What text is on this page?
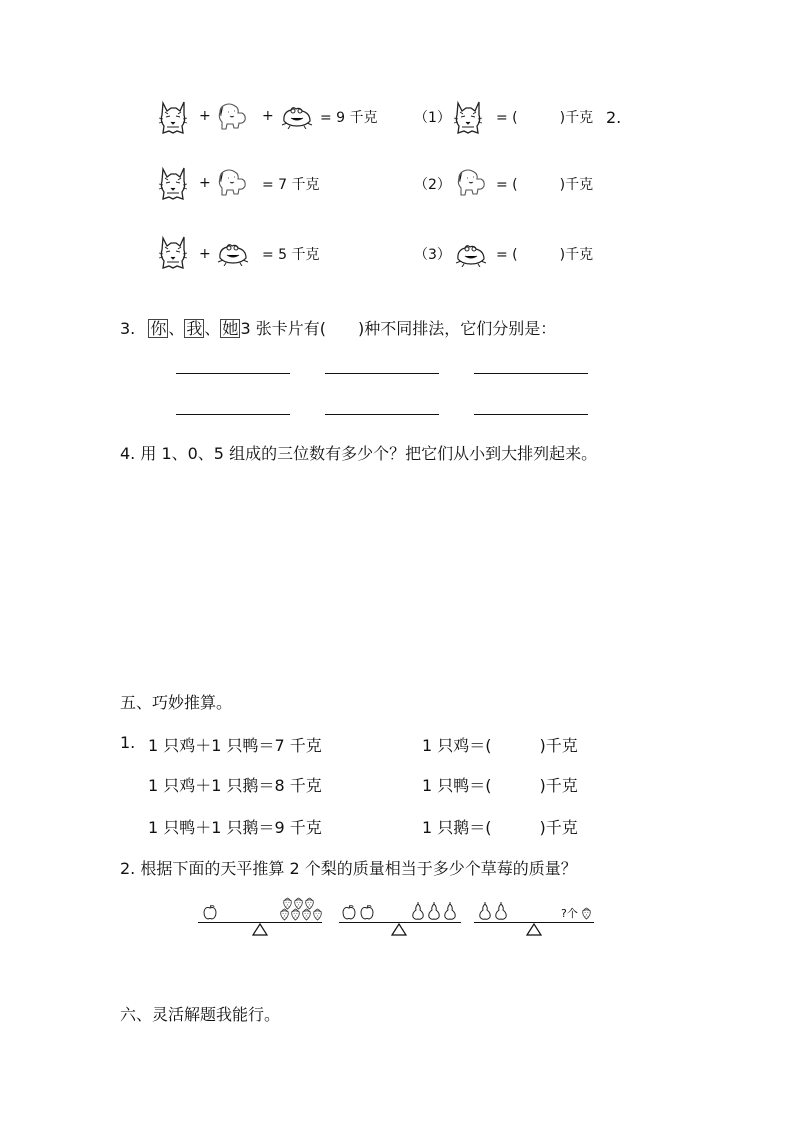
+	+	= 9 千克	（1）	= (　　　)千克 2.
+	= 7 千克	（2）	= (　　　)千克
+	= 5 千克	（3）	= (　　　)千克
3. 你 、 我 、 她 3 张卡片有(　　)种不同排法，它们分别是：
4. 用 1、0、5 组成的三位数有多少个？把它们从小到大排列起来。
五、巧妙推算。
1. 1 只鸡＋1 只鸭＝7 千克	1 只鸡＝(　　　)千克
1 只鸡＋1 只鹅＝8 千克	1 只鸭＝(　　　)千克
1 只鸭＋1 只鹅＝9 千克	1 只鹅＝(　　　)千克
2. 根据下面的天平推算 2 个梨的质量相当于多少个草莓的质量？
?个
六、灵活解题我能行。
